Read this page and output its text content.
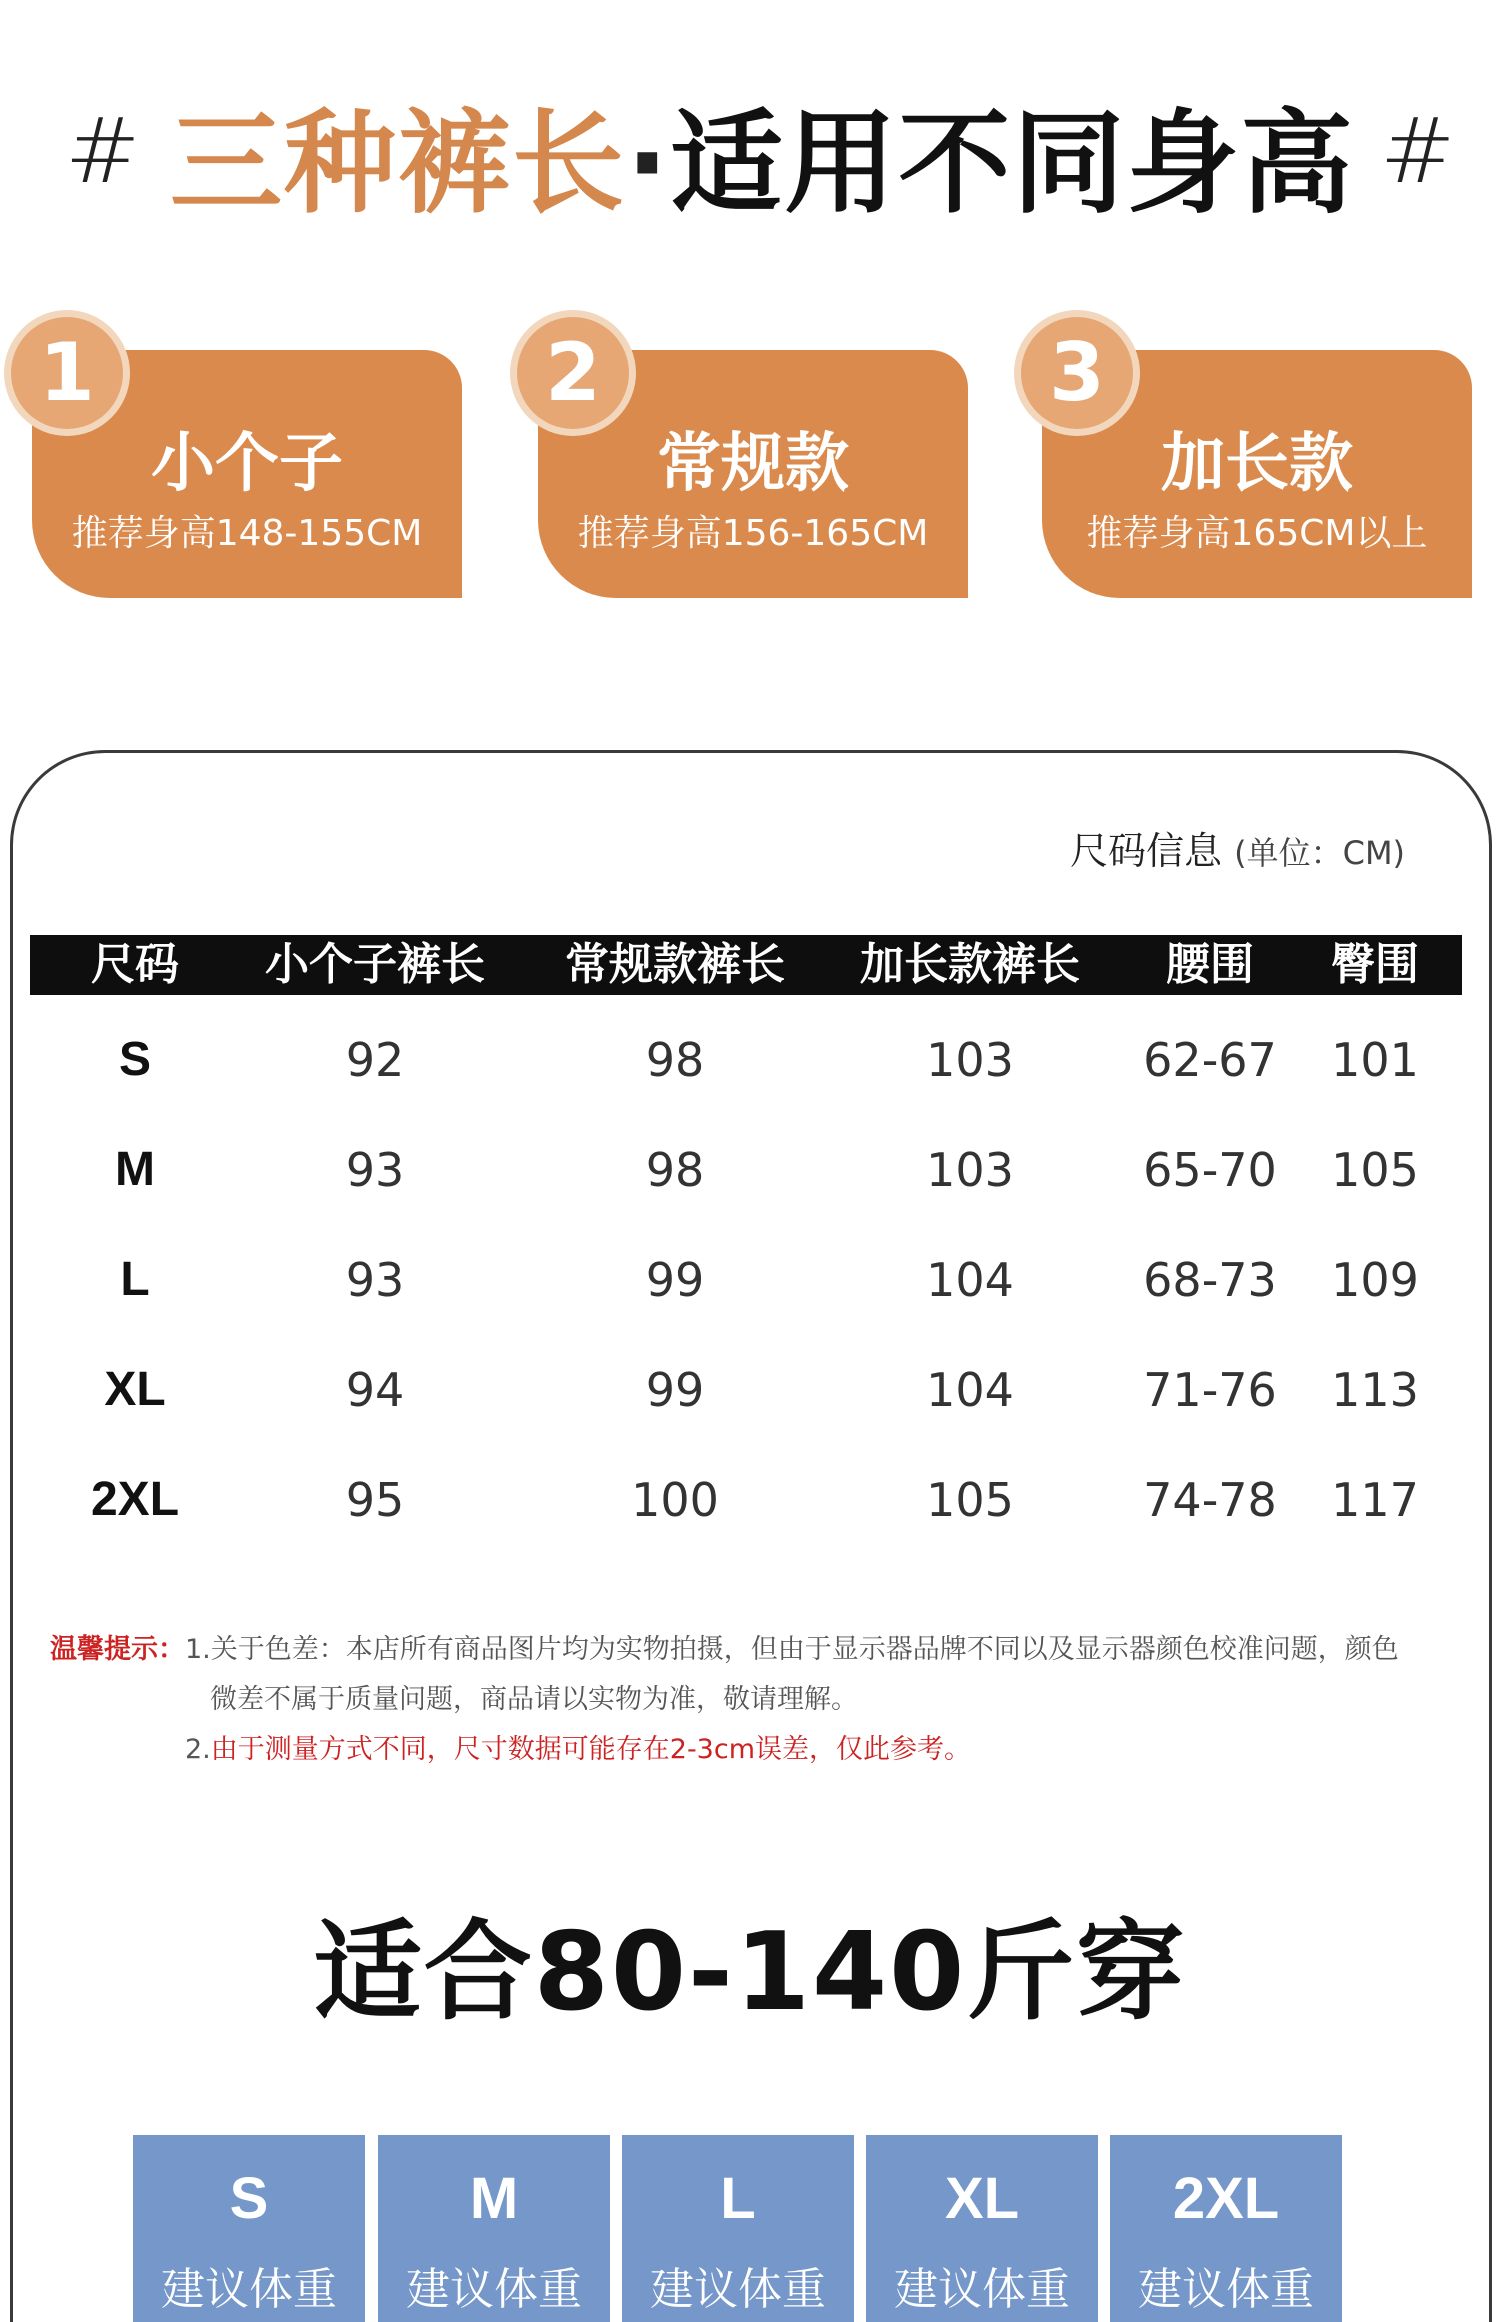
# 三种裤长·适用不同身高 #
小个子
推荐身高148-155CM
1
常规款
推荐身高156-165CM
2
加长款
推荐身高165CM以上
3
尺码信息 (单位：CM)
尺码	小个子裤长	常规款裤长	加长款裤长	腰围	臀围
S	92	98	103	62-67	101
M	93	98	103	65-70	105
L	93	99	104	68-73	109
XL	94	99	104	71-76	113
2XL	95	100	105	74-78	117
温馨提示：1.关于色差：本店所有商品图片均为实物拍摄，但由于显示器品牌不同以及显示器颜色校准问题，颜色
微差不属于质量问题，商品请以实物为准，敬请理解。
2.由于测量方式不同，尺寸数据可能存在2-3cm误差，仅此参考。
适合80-140斤穿
S
建议体重
M
建议体重
L
建议体重
XL
建议体重
2XL
建议体重
